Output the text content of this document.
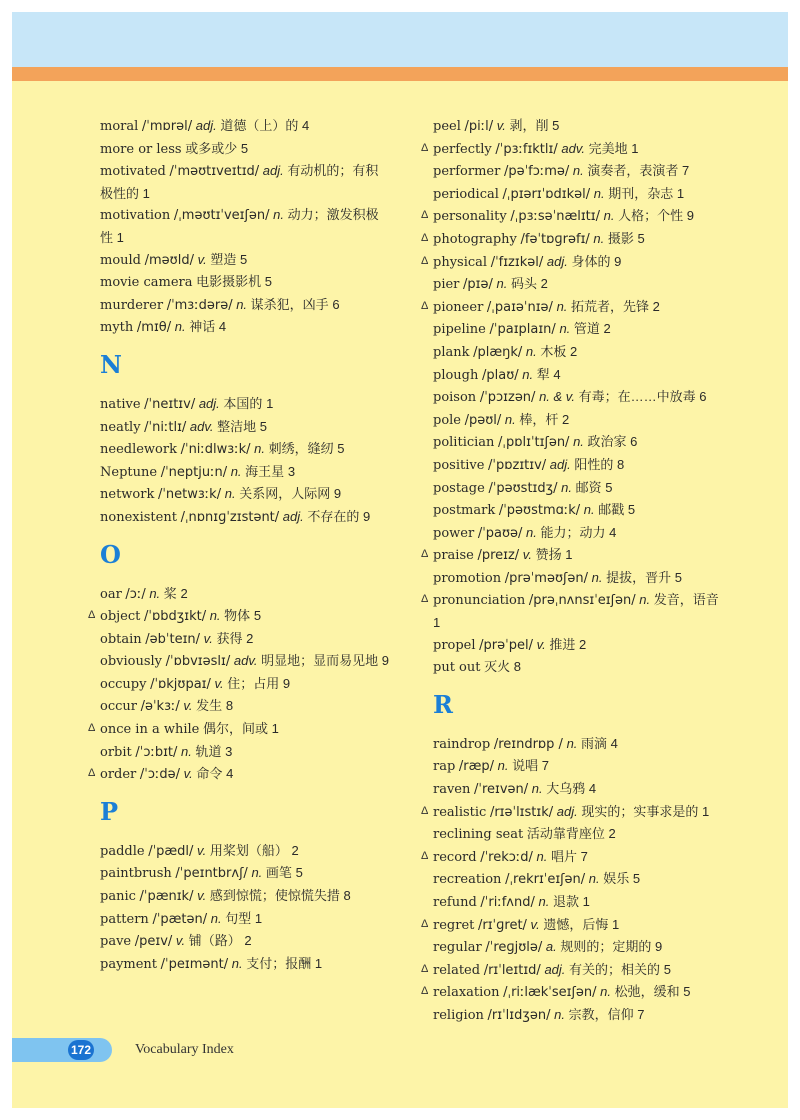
moral /ˈmɒrəl/ adj. 道德（上）的 4
more or less 或多或少 5
motivated /ˈməʊtɪveɪtɪd/ adj. 有动机的；有积极性的 1
motivation /ˌməʊtɪˈveɪʃən/ n. 动力；激发积极性 1
mould /məʊld/ v. 塑造 5
movie camera 电影摄影机 5
murderer /ˈmɜːdərə/ n. 谋杀犯，凶手 6
myth /mɪθ/ n. 神话 4
N
native /ˈneɪtɪv/ adj. 本国的 1
neatly /ˈniːtlɪ/ adv. 整洁地 5
needlework /ˈniːdlwɜːk/ n. 刺绣，缝纫 5
Neptune /ˈneptjuːn/ n. 海王星 3
network /ˈnetwɜːk/ n. 关系网，人际网 9
nonexistent /ˌnɒnɪɡˈzɪstənt/ adj. 不存在的 9
O
oar /ɔː/ n. 桨 2
Δ object /ˈɒbdʒɪkt/ n. 物体 5
obtain /əbˈteɪn/ v. 获得 2
obviously /ˈɒbvɪəslɪ/ adv. 明显地；显而易见地 9
occupy /ˈɒkjʊpaɪ/ v. 住；占用 9
occur /əˈkɜː/ v. 发生 8
Δ once in a while 偶尔，间或 1
orbit /ˈɔːbɪt/ n. 轨道 3
Δ order /ˈɔːdə/ v. 命令 4
P
paddle /ˈpædl/ v. 用桨划（船） 2
paintbrush /ˈpeɪntbrʌʃ/ n. 画笔 5
panic /ˈpænɪk/ v. 感到惊慌；使惊慌失措 8
pattern /ˈpætən/ n. 句型 1
pave /peɪv/ v. 铺（路） 2
payment /ˈpeɪmənt/ n. 支付；报酬 1
peel /piːl/ v. 剥，削 5
Δ perfectly /ˈpɜːfɪktlɪ/ adv. 完美地 1
performer /pəˈfɔːmə/ n. 演奏者，表演者 7
periodical /ˌpɪərɪˈɒdɪkəl/ n. 期刊，杂志 1
Δ personality /ˌpɜːsəˈnælɪtɪ/ n. 人格；个性 9
Δ photography /fəˈtɒɡrəfɪ/ n. 摄影 5
Δ physical /ˈfɪzɪkəl/ adj. 身体的 9
pier /pɪə/ n. 码头 2
Δ pioneer /ˌpaɪəˈnɪə/ n. 拓荒者，先锋 2
pipeline /ˈpaɪplaɪn/ n. 管道 2
plank /plæŋk/ n. 木板 2
plough /plaʊ/ n. 犁 4
poison /ˈpɔɪzən/ n. & v. 有毒；在……中放毒 6
pole /pəʊl/ n. 棒，杆 2
politician /ˌpɒlɪˈtɪʃən/ n. 政治家 6
positive /ˈpɒzɪtɪv/ adj. 阳性的 8
postage /ˈpəʊstɪdʒ/ n. 邮资 5
postmark /ˈpəʊstmɑːk/ n. 邮戳 5
power /ˈpaʊə/ n. 能力；动力 4
Δ praise /preɪz/ v. 赞扬 1
promotion /prəˈməʊʃən/ n. 提拔，晋升 5
Δ pronunciation /prəˌnʌnsɪˈeɪʃən/ n. 发音，语音 1
propel /prəˈpel/ v. 推进 2
put out 灭火 8
R
raindrop /reɪndrɒp / n. 雨滴 4
rap /ræp/ n. 说唱 7
raven /ˈreɪvən/ n. 大乌鸦 4
Δ realistic /rɪəˈlɪstɪk/ adj. 现实的；实事求是的 1
reclining seat 活动靠背座位 2
Δ record /ˈrekɔːd/ n. 唱片 7
recreation /ˌrekrɪˈeɪʃən/ n. 娱乐 5
refund /ˈriːfʌnd/ n. 退款 1
Δ regret /rɪˈɡret/ v. 遗憾，后悔 1
regular /ˈreɡjʊlə/ a. 规则的；定期的 9
Δ related /rɪˈleɪtɪd/ adj. 有关的；相关的 5
Δ relaxation /ˌriːlækˈseɪʃən/ n. 松弛，缓和 5
religion /rɪˈlɪdʒən/ n. 宗教，信仰 7
172	Vocabulary Index
